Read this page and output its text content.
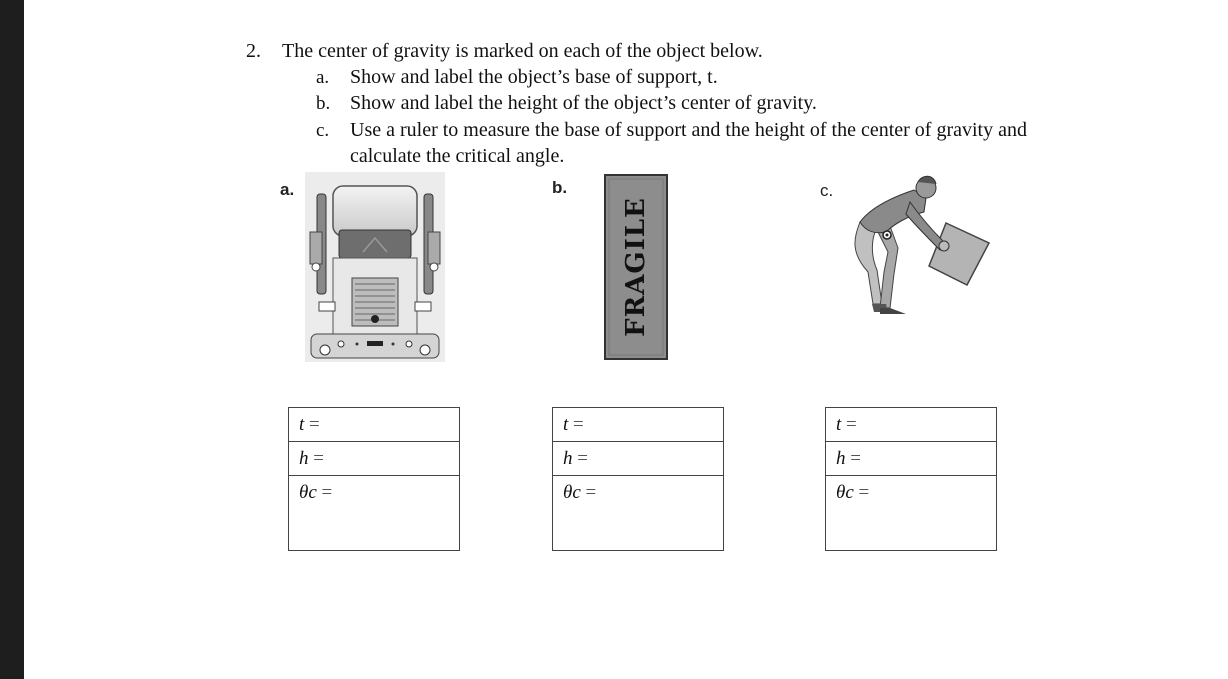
2. The center of gravity is marked on each of the object below.
a. Show and label the object’s base of support, t.
b. Show and label the height of the object’s center of gravity.
c. Use a ruler to measure the base of support and the height of the center of gravity and
calculate the critical angle.
a.	b.	c.
FRAGILE
t =
h =
θc =
t =
h =
θc =
t =
h =
θc =
